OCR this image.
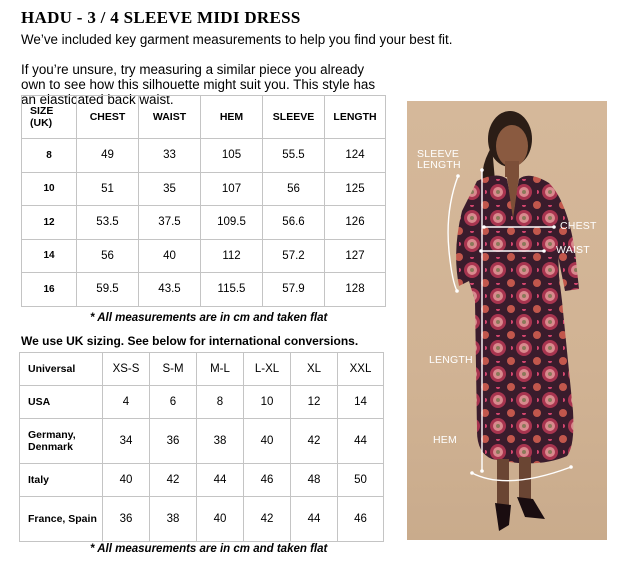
HADU - 3 / 4 SLEEVE MIDI DRESS

We’ve included key garment measurements to help you find your best fit.

If you’re unsure, try measuring a similar piece you already own to see how this silhouette might suit you. This style has an elasticated back waist.

SIZE (UK)	CHEST	WAIST	HEM	SLEEVE	LENGTH
8	49	33	105	55.5	124
10	51	35	107	56	125
12	53.5	37.5	109.5	56.6	126
14	56	40	112	57.2	127
16	59.5	43.5	115.5	57.9	128

* All measurements are in cm and taken flat

We use UK sizing. See below for international conversions.

Universal	XS-S	S-M	M-L	L-XL	XL	XXL
USA	4	6	8	10	12	14
Germany, Denmark	34	36	38	40	42	44
Italy	40	42	44	46	48	50
France, Spain	36	38	40	42	44	46

* All measurements are in cm and taken flat

SLEEVE
LENGTH
CHEST
WAIST
LENGTH
HEM
